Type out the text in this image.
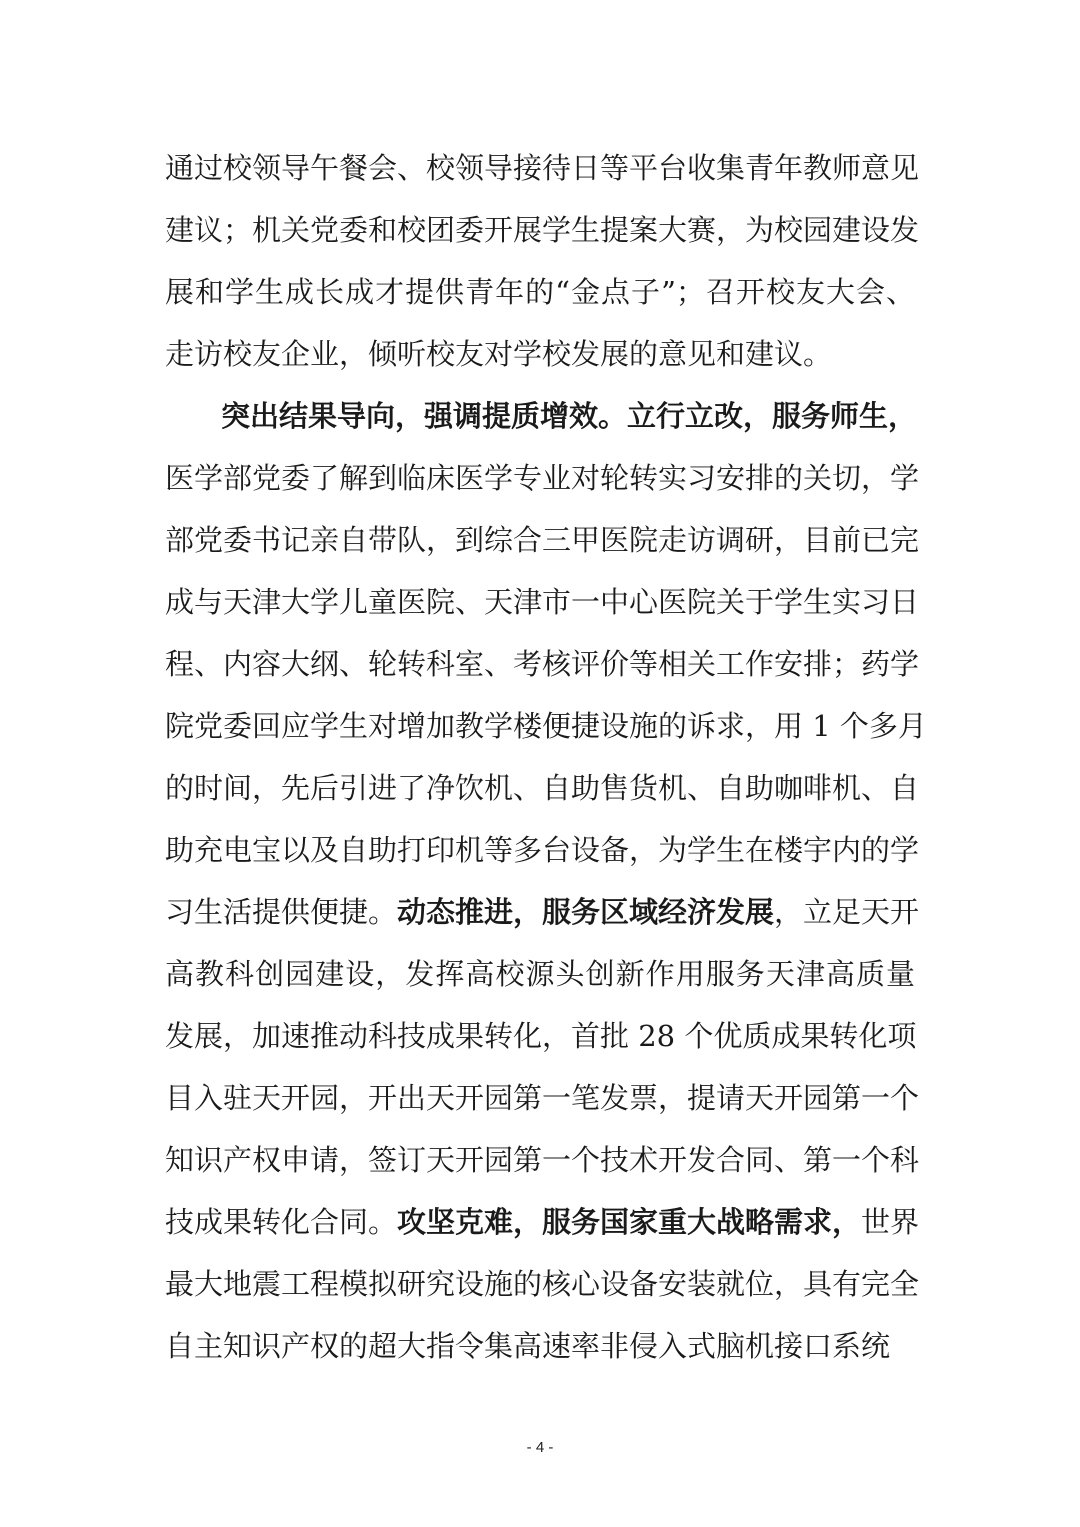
通过校领导午餐会、校领导接待日等平台收集青年教师意见
建议；机关党委和校团委开展学生提案大赛，为校园建设发
展和学生成长成才提供青年的“金点子”；召开校友大会、
走访校友企业，倾听校友对学校发展的意见和建议。
突出结果导向，强调提质增效。立行立改，服务师生，
医学部党委了解到临床医学专业对轮转实习安排的关切，学
部党委书记亲自带队，到综合三甲医院走访调研，目前已完
成与天津大学儿童医院、天津市一中心医院关于学生实习日
程、内容大纲、轮转科室、考核评价等相关工作安排；药学
院党委回应学生对增加教学楼便捷设施的诉求，用 1 个多月
的时间，先后引进了净饮机、自助售货机、自助咖啡机、自
助充电宝以及自助打印机等多台设备，为学生在楼宇内的学
习生活提供便捷。动态推进，服务区域经济发展，立足天开
高教科创园建设，发挥高校源头创新作用服务天津高质量
发展，加速推动科技成果转化，首批 28 个优质成果转化项
目入驻天开园，开出天开园第一笔发票，提请天开园第一个
知识产权申请，签订天开园第一个技术开发合同、第一个科
技成果转化合同。攻坚克难，服务国家重大战略需求，世界
最大地震工程模拟研究设施的核心设备安装就位，具有完全
自主知识产权的超大指令集高速率非侵入式脑机接口系统
- 4 -
